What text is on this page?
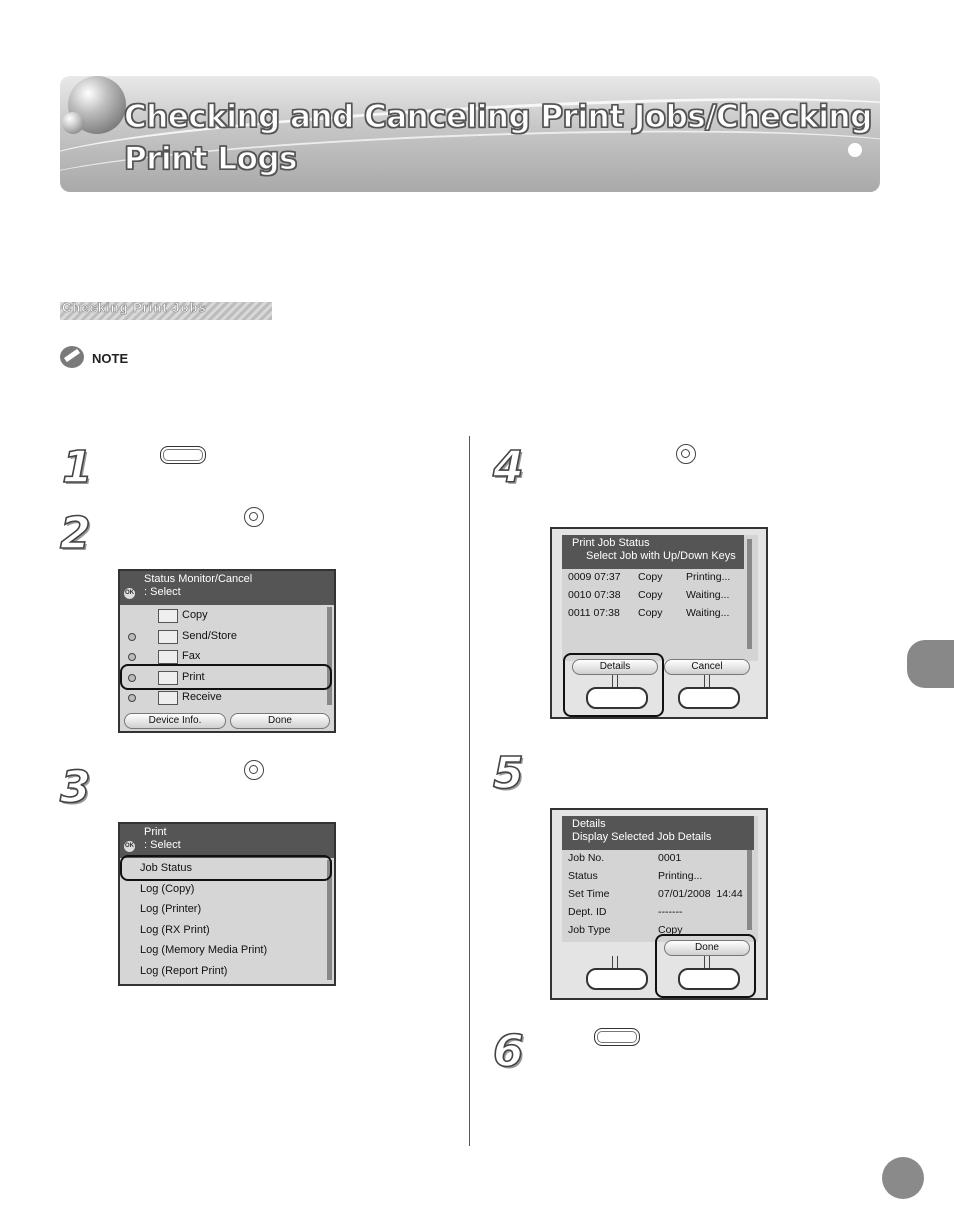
Checking and Canceling Print Jobs/Checking Print Logs
Checking Print Jobs
NOTE
1
2
3
4
5
6
Status Monitor/Cancel
OK : Select
Copy
Send/Store
Fax
Print
Receive
Device Info.	Done
Print
OK : Select
Job Status
Log (Copy)
Log (Printer)
Log (RX Print)
Log (Memory Media Print)
Log (Report Print)
Print Job Status
Select Job with Up/Down Keys
0009 07:37 Copy Printing...
0010 07:38 Copy Waiting...
0011 07:38 Copy Waiting...
Details	Cancel
Details
Display Selected Job Details
Job No.	0001
Status	Printing...
Set Time	07/01/2008  14:44
Dept. ID	-------
Job Type	Copy
Done
